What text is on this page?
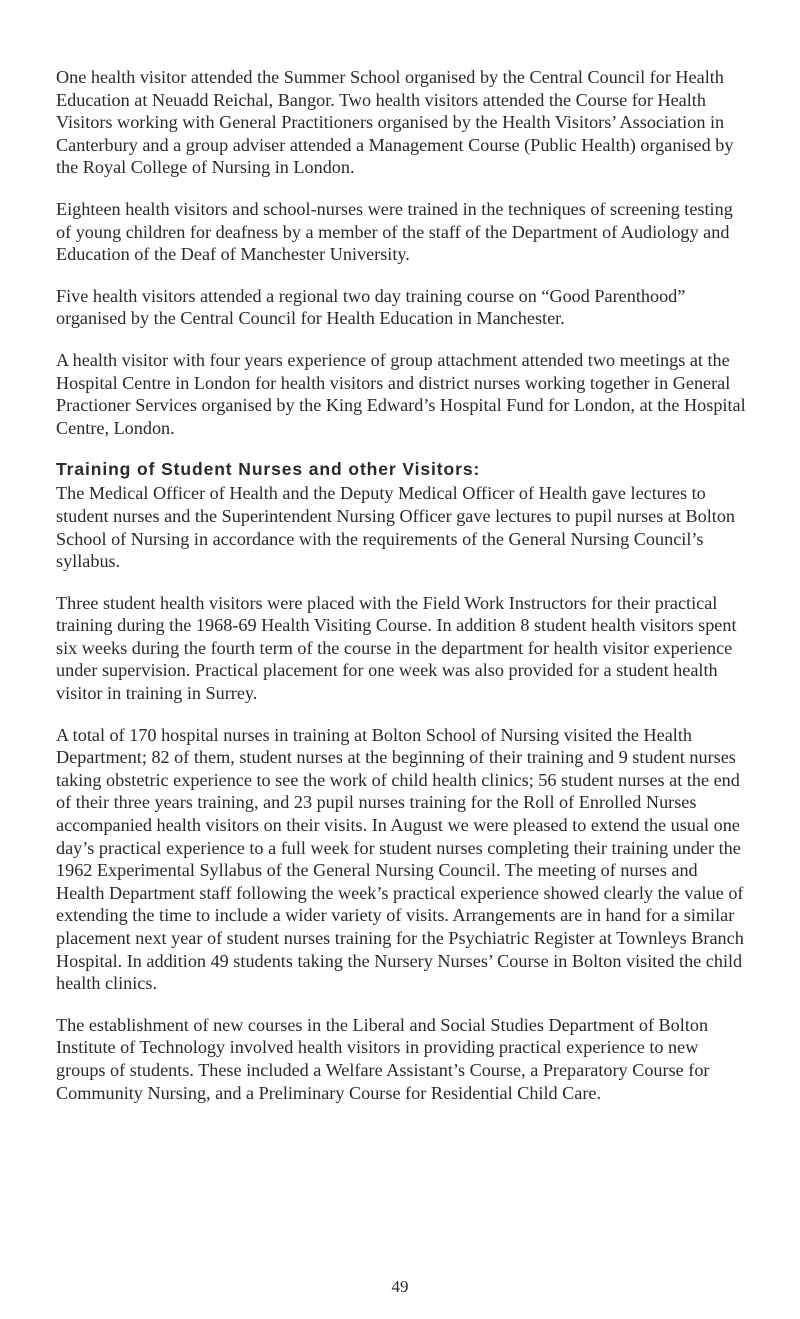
One health visitor attended the Summer School organised by the Central Council for Health Education at Neuadd Reichal, Bangor. Two health visitors attended the Course for Health Visitors working with General Practitioners organised by the Health Visitors’ Association in Canterbury and a group adviser attended a Management Course (Public Health) organised by the Royal College of Nursing in London.

Eighteen health visitors and school-nurses were trained in the techniques of screening testing of young children for deafness by a member of the staff of the Department of Audiology and Education of the Deaf of Manchester University.

Five health visitors attended a regional two day training course on “Good Parenthood” organised by the Central Council for Health Education in Manchester.

A health visitor with four years experience of group attachment attended two meetings at the Hospital Centre in London for health visitors and district nurses working together in General Practioner Services organised by the King Edward’s Hospital Fund for London, at the Hospital Centre, London.

Training of Student Nurses and other Visitors:

The Medical Officer of Health and the Deputy Medical Officer of Health gave lectures to student nurses and the Superintendent Nursing Officer gave lectures to pupil nurses at Bolton School of Nursing in accordance with the requirements of the General Nursing Council’s syllabus.

Three student health visitors were placed with the Field Work Instructors for their practical training during the 1968-69 Health Visiting Course. In addition 8 student health visitors spent six weeks during the fourth term of the course in the department for health visitor experience under supervision. Practical placement for one week was also provided for a student health visitor in training in Surrey.

A total of 170 hospital nurses in training at Bolton School of Nursing visited the Health Department; 82 of them, student nurses at the beginning of their training and 9 student nurses taking obstetric experience to see the work of child health clinics; 56 student nurses at the end of their three years training, and 23 pupil nurses training for the Roll of Enrolled Nurses accompanied health visitors on their visits. In August we were pleased to extend the usual one day’s practical experience to a full week for student nurses completing their training under the 1962 Experimental Syllabus of the General Nursing Council. The meeting of nurses and Health Department staff following the week’s practical experience showed clearly the value of extending the time to include a wider variety of visits. Arrangements are in hand for a similar placement next year of student nurses training for the Psychiatric Register at Townleys Branch Hospital. In addition 49 students taking the Nursery Nurses’ Course in Bolton visited the child health clinics.

The establishment of new courses in the Liberal and Social Studies Department of Bolton Institute of Technology involved health visitors in providing practical experience to new groups of students. These included a Welfare Assistant’s Course, a Preparatory Course for Community Nursing, and a Preliminary Course for Residential Child Care.

49
